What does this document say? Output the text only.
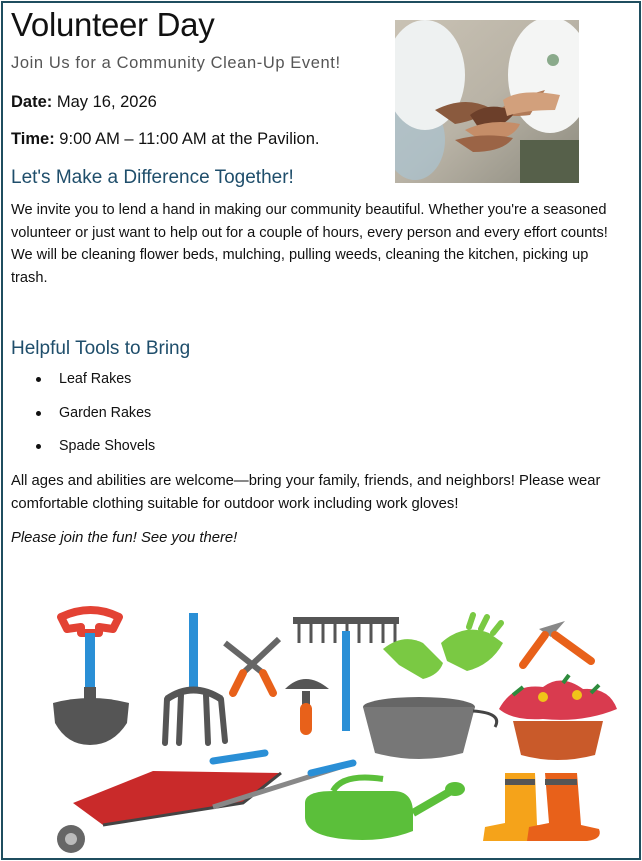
Volunteer Day
Join Us for a Community Clean-Up Event!
Date: May 16, 2026
Time: 9:00 AM – 11:00 AM at the Pavilion.
Let's Make a Difference Together!
We invite you to lend a hand in making our community beautiful. Whether you're a seasoned volunteer or just want to help out for a couple of hours, every person and every effort counts! We will be cleaning flower beds, mulching, pulling weeds, cleaning the kitchen, picking up trash.
Helpful Tools to Bring
Leaf Rakes
Garden Rakes
Spade Shovels
All ages and abilities are welcome—bring your family, friends, and neighbors! Please wear comfortable clothing suitable for outdoor work including work gloves!
Please join the fun! See you there!
